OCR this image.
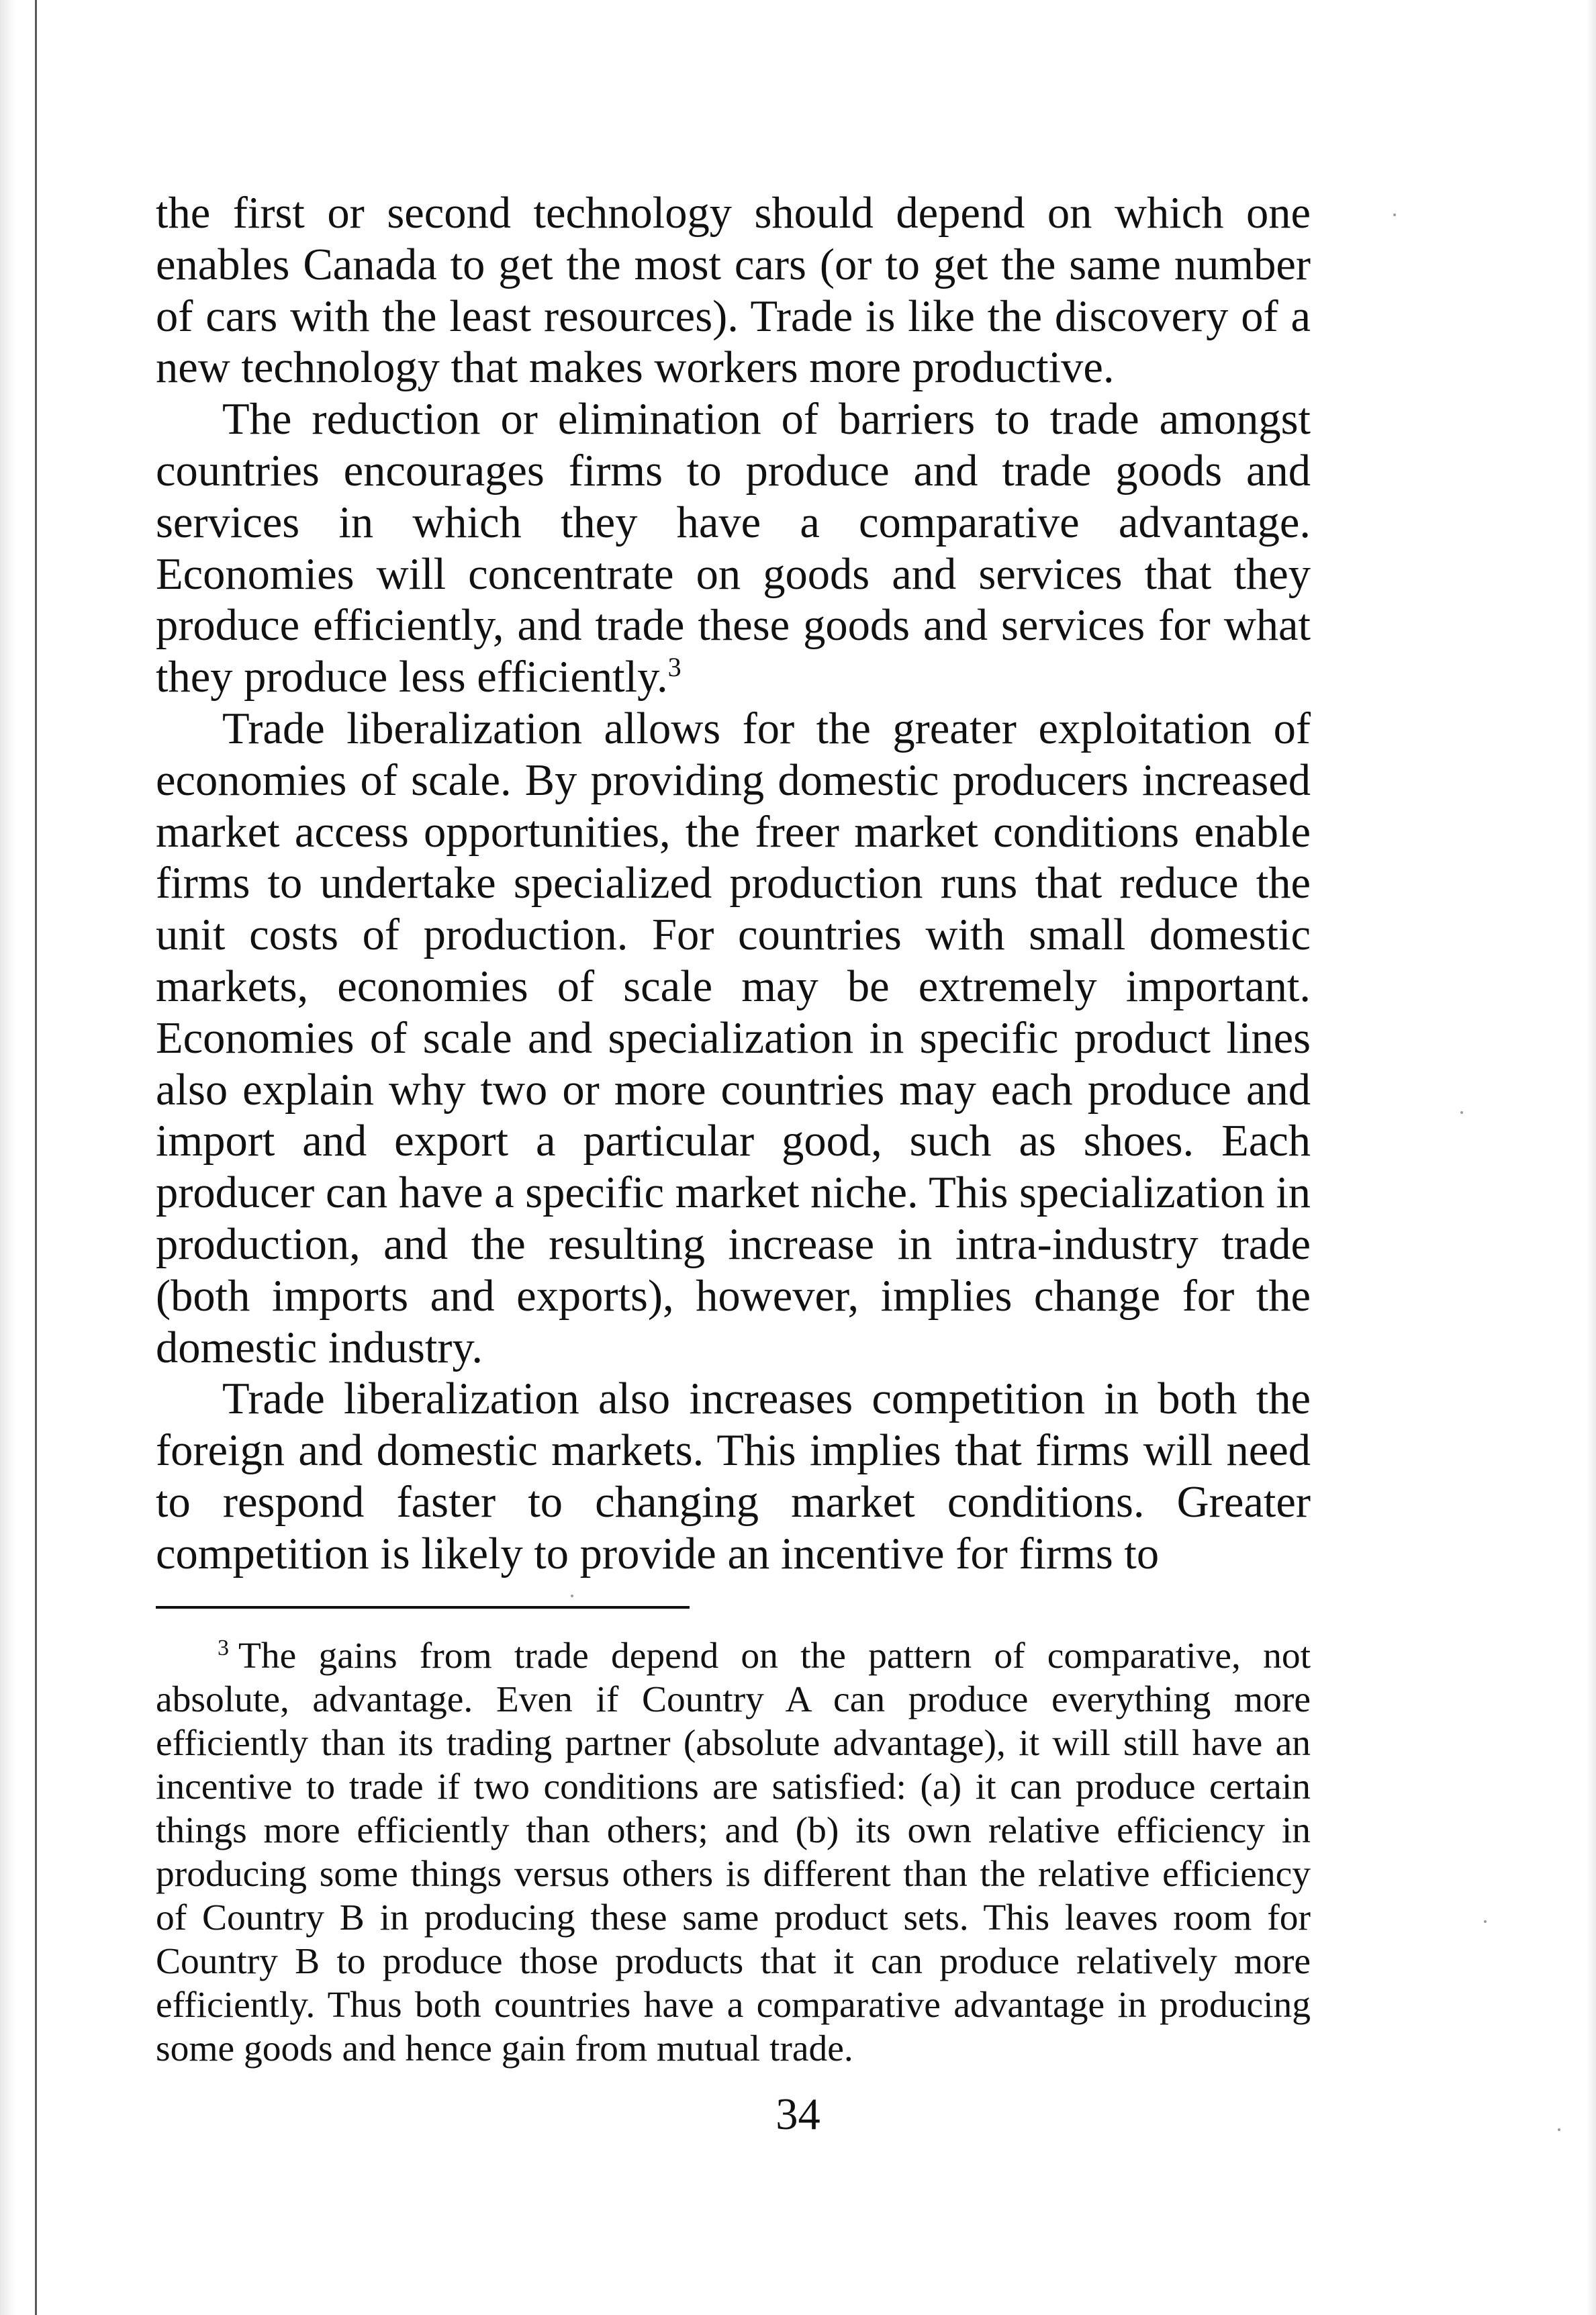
the first or second technology should depend on which one enables Canada to get the most cars (or to get the same number of cars with the least resources). Trade is like the discovery of a new technology that makes workers more productive.

The reduction or elimination of barriers to trade amongst countries encourages firms to produce and trade goods and services in which they have a comparative advantage. Economies will concentrate on goods and services that they produce efficiently, and trade these goods and services for what they produce less efficiently.$^3$

Trade liberalization allows for the greater exploitation of economies of scale. By providing domestic producers increased market access opportunities, the freer market conditions enable firms to undertake specialized production runs that reduce the unit costs of production. For countries with small domestic markets, economies of scale may be extremely important. Economies of scale and specialization in specific product lines also explain why two or more countries may each produce and import and export a particular good, such as shoes. Each producer can have a specific market niche. This specialization in production, and the resulting increase in intra-industry trade (both imports and exports), however, implies change for the domestic industry.

Trade liberalization also increases competition in both the foreign and domestic markets. This implies that firms will need to respond faster to changing market conditions. Greater competition is likely to provide an incentive for firms to

$^3$ The gains from trade depend on the pattern of comparative, not absolute, advantage. Even if Country A can produce everything more efficiently than its trading partner (absolute advantage), it will still have an incentive to trade if two conditions are satisfied: (a) it can produce certain things more efficiently than others; and (b) its own relative efficiency in producing some things versus others is different than the relative efficiency of Country B in producing these same product sets. This leaves room for Country B to produce those products that it can produce relatively more efficiently. Thus both countries have a comparative advantage in producing some goods and hence gain from mutual trade.

34
